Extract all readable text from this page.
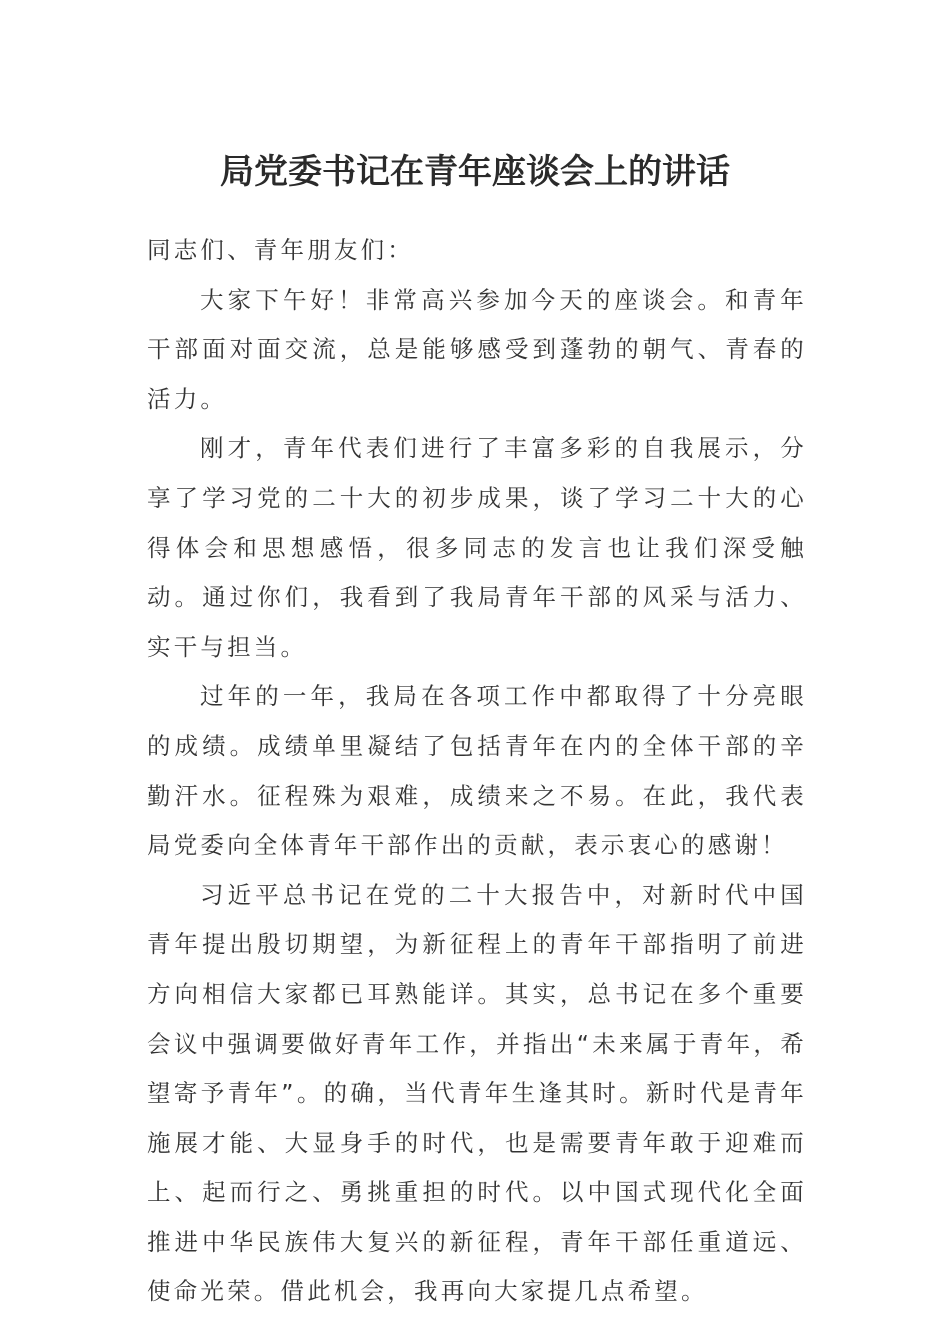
局党委书记在青年座谈会上的讲话

同志们、青年朋友们：

大家下午好！非常高兴参加今天的座谈会。和青年干部面对面交流，总是能够感受到蓬勃的朝气、青春的活力。

刚才，青年代表们进行了丰富多彩的自我展示，分享了学习党的二十大的初步成果，谈了学习二十大的心得体会和思想感悟，很多同志的发言也让我们深受触动。通过你们，我看到了我局青年干部的风采与活力、实干与担当。

过年的一年，我局在各项工作中都取得了十分亮眼的成绩。成绩单里凝结了包括青年在内的全体干部的辛勤汗水。征程殊为艰难，成绩来之不易。在此，我代表局党委向全体青年干部作出的贡献，表示衷心的感谢！

习近平总书记在党的二十大报告中，对新时代中国青年提出殷切期望，为新征程上的青年干部指明了前进方向相信大家都已耳熟能详。其实，总书记在多个重要会议中强调要做好青年工作，并指出“未来属于青年，希望寄予青年”。的确，当代青年生逢其时。新时代是青年施展才能、大显身手的时代，也是需要青年敢于迎难而上、起而行之、勇挑重担的时代。以中国式现代化全面推进中华民族伟大复兴的新征程，青年干部任重道远、使命光荣。借此机会，我再向大家提几点希望。
